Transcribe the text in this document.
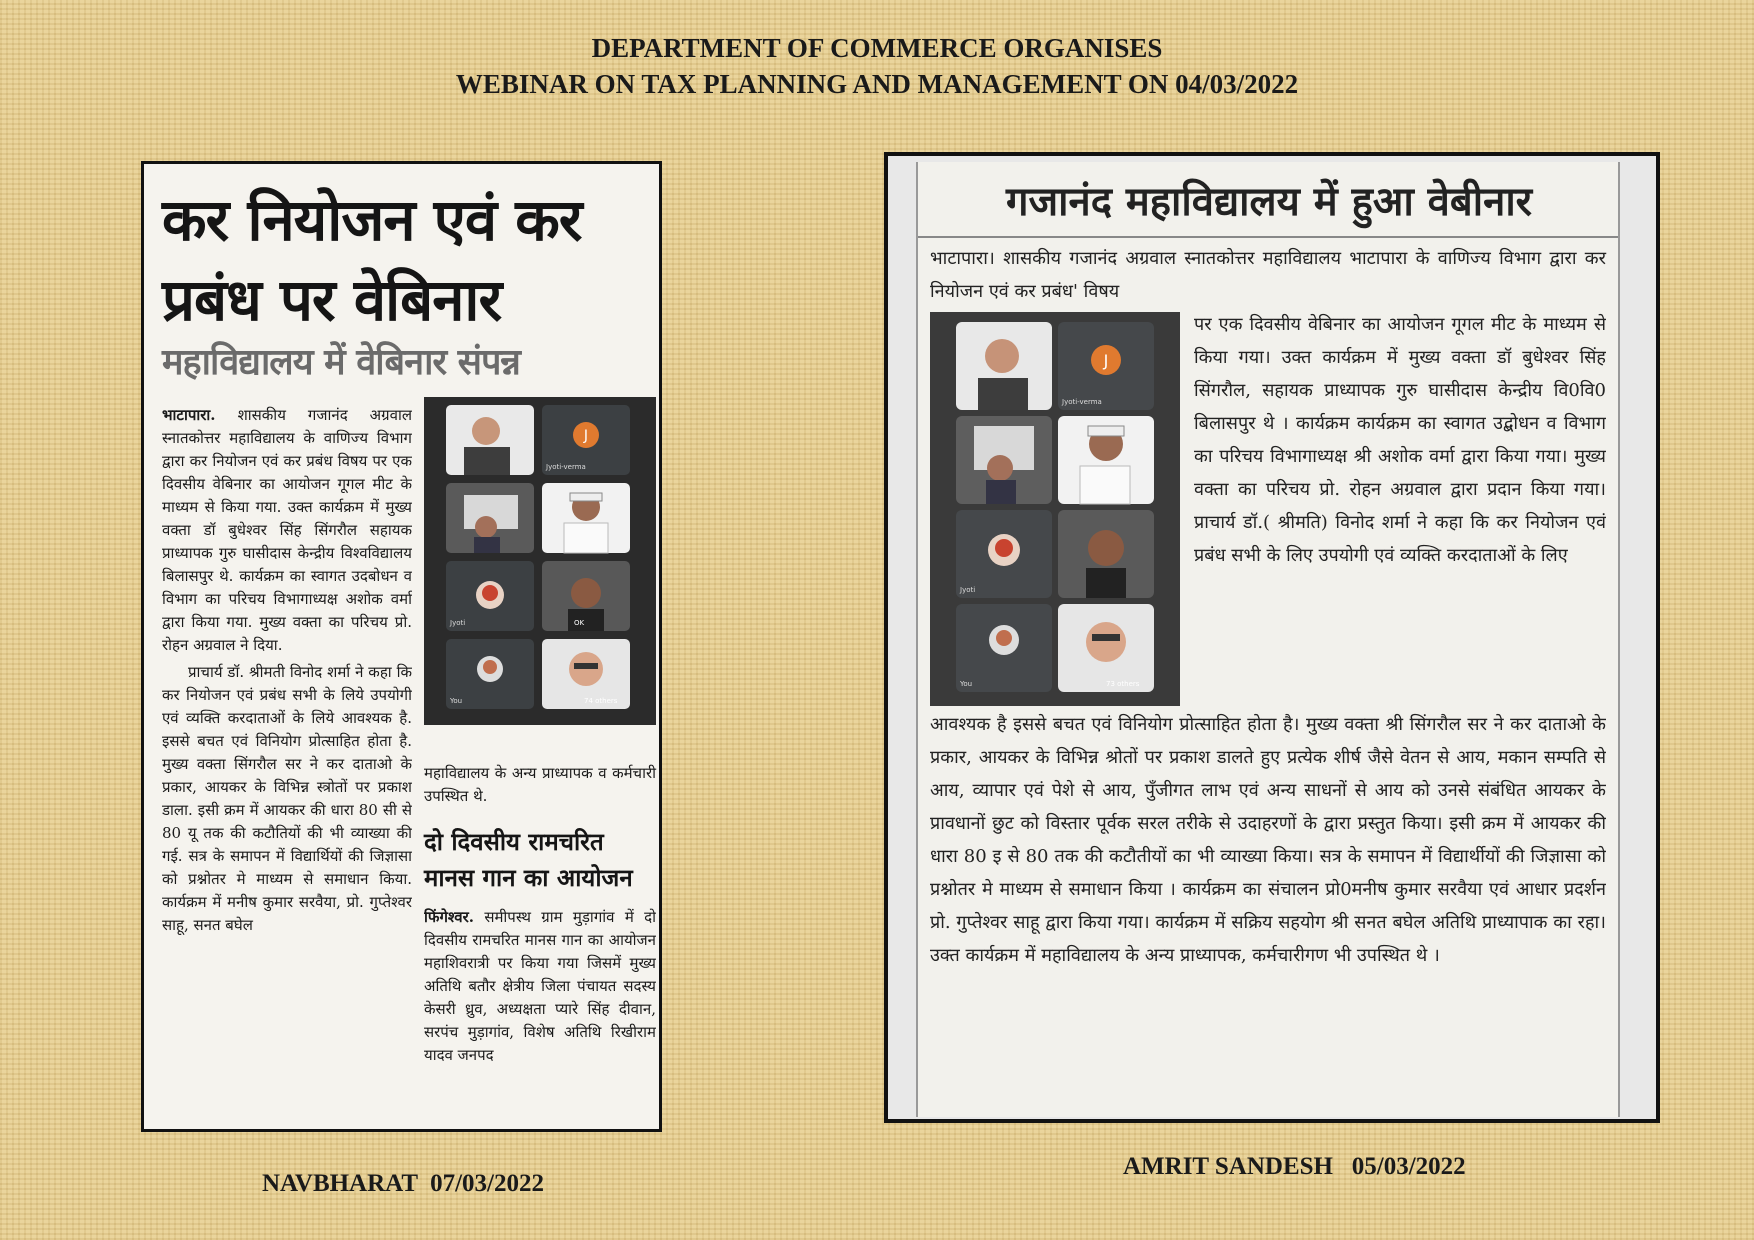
DEPARTMENT OF COMMERCE ORGANISES
WEBINAR ON TAX PLANNING AND MANAGEMENT ON 04/03/2022
कर नियोजन एवं कर
प्रबंध पर वेबिनार
महाविद्यालय में वेबिनार संपन्न
भाटापारा. शासकीय गजानंद अग्रवाल स्नातकोत्तर महाविद्यालय के वाणिज्य विभाग द्वारा कर नियोजन एवं कर प्रबंध विषय पर एक दिवसीय वेबिनार का आयोजन गूगल मीट के माध्यम से किया गया. उक्त कार्यक्रम में मुख्य वक्ता डॉ बुधेश्वर सिंह सिंगरौल सहायक प्राध्यापक गुरु घासीदास केन्द्रीय विश्वविद्यालय बिलासपुर थे. कार्यक्रम का स्वागत उदबोधन व विभाग का परिचय विभागाध्यक्ष अशोक वर्मा द्वारा किया गया. मुख्य वक्ता का परिचय प्रो. रोहन अग्रवाल ने दिया.
प्राचार्य डॉ. श्रीमती विनोद शर्मा ने कहा कि कर नियोजन एवं प्रबंध सभी के लिये उपयोगी एवं व्यक्ति करदाताओं के लिये आवश्यक है. इससे बचत एवं विनियोग प्रोत्साहित होता है. मुख्य वक्ता सिंगरौल सर ने कर दाताओ के प्रकार, आयकर के विभिन्न स्त्रोतों पर प्रकाश डाला. इसी क्रम में आयकर की धारा 80 सी से 80 यू तक की कटौतियों की भी व्याख्या की गई. सत्र के समापन में विद्यार्थियों की जिज्ञासा को प्रश्नोतर मे माध्यम से समाधान किया. कार्यक्रम में मनीष कुमार सरवैया, प्रो. गुप्तेश्वर साहू, सनत बघेल
J
Jyoti-verma
Jyoti	OK
You	74 others
महाविद्यालय के अन्य प्राध्यापक व कर्मचारी उपस्थित थे.
दो दिवसीय रामचरित मानस गान का आयोजन
फिंगेश्वर. समीपस्थ ग्राम मुड़ागांव में दो दिवसीय रामचरित मानस गान का आयोजन महाशिवरात्री पर किया गया जिसमें मुख्य अतिथि बतौर क्षेत्रीय जिला पंचायत सदस्य केसरी ध्रुव, अध्यक्षता प्यारे सिंह दीवान, सरपंच मुड़ागांव, विशेष अतिथि रिखीराम यादव जनपद
NAVBHARAT  07/03/2022
गजानंद महाविद्यालय में हुआ वेबीनार
भाटापारा। शासकीय गजानंद अग्रवाल स्नातकोत्तर महाविद्यालय भाटापारा के वाणिज्य विभाग द्वारा कर नियोजन एवं कर प्रबंध' विषय
J
Jyoti-verma
Jyoti
You	73 others
पर एक दिवसीय वेबिनार का आयोजन गूगल मीट के माध्यम से किया गया। उक्त कार्यक्रम में मुख्य वक्ता डॉ बुधेश्वर सिंह सिंगरौल, सहायक प्राध्यापक गुरु घासीदास केन्द्रीय वि0वि0 बिलासपुर थे । कार्यक्रम कार्यक्रम का स्वागत उद्बोधन व विभाग का परिचय विभागाध्यक्ष श्री अशोक वर्मा द्वारा किया गया। मुख्य वक्ता का परिचय प्रो. रोहन अग्रवाल द्वारा प्रदान किया गया। प्राचार्य डॉ.( श्रीमति) विनोद शर्मा ने कहा कि कर नियोजन एवं प्रबंध सभी के लिए उपयोगी एवं व्यक्ति करदाताओं के लिए
आवश्यक है इससे बचत एवं विनियोग प्रोत्साहित होता है। मुख्य वक्ता श्री सिंगरौल सर ने कर दाताओ के प्रकार, आयकर के विभिन्न श्रोतों पर प्रकाश डालते हुए प्रत्येक शीर्ष जैसे वेतन से आय, मकान सम्पति से आय, व्यापार एवं पेशे से आय, पुँजीगत लाभ एवं अन्य साधनों से आय को उनसे संबंधित आयकर के प्रावधानों छुट को विस्तार पूर्वक सरल तरीके से उदाहरणों के द्वारा प्रस्तुत किया। इसी क्रम में आयकर की धारा 80 इ से 80 तक की कटौतीयों का भी व्याख्या किया। सत्र के समापन में विद्यार्थीयों की जिज्ञासा को प्रश्नोतर मे माध्यम से समाधान किया । कार्यक्रम का संचालन प्रो0मनीष कुमार सरवैया एवं आधार प्रदर्शन प्रो. गुप्तेश्वर साहू द्वारा किया गया। कार्यक्रम में सक्रिय सहयोग श्री सनत बघेल अतिथि प्राध्यापाक का रहा। उक्त कार्यक्रम में महाविद्यालय के अन्य प्राध्यापक, कर्मचारीगण भी उपस्थित थे ।
AMRIT SANDESH   05/03/2022
